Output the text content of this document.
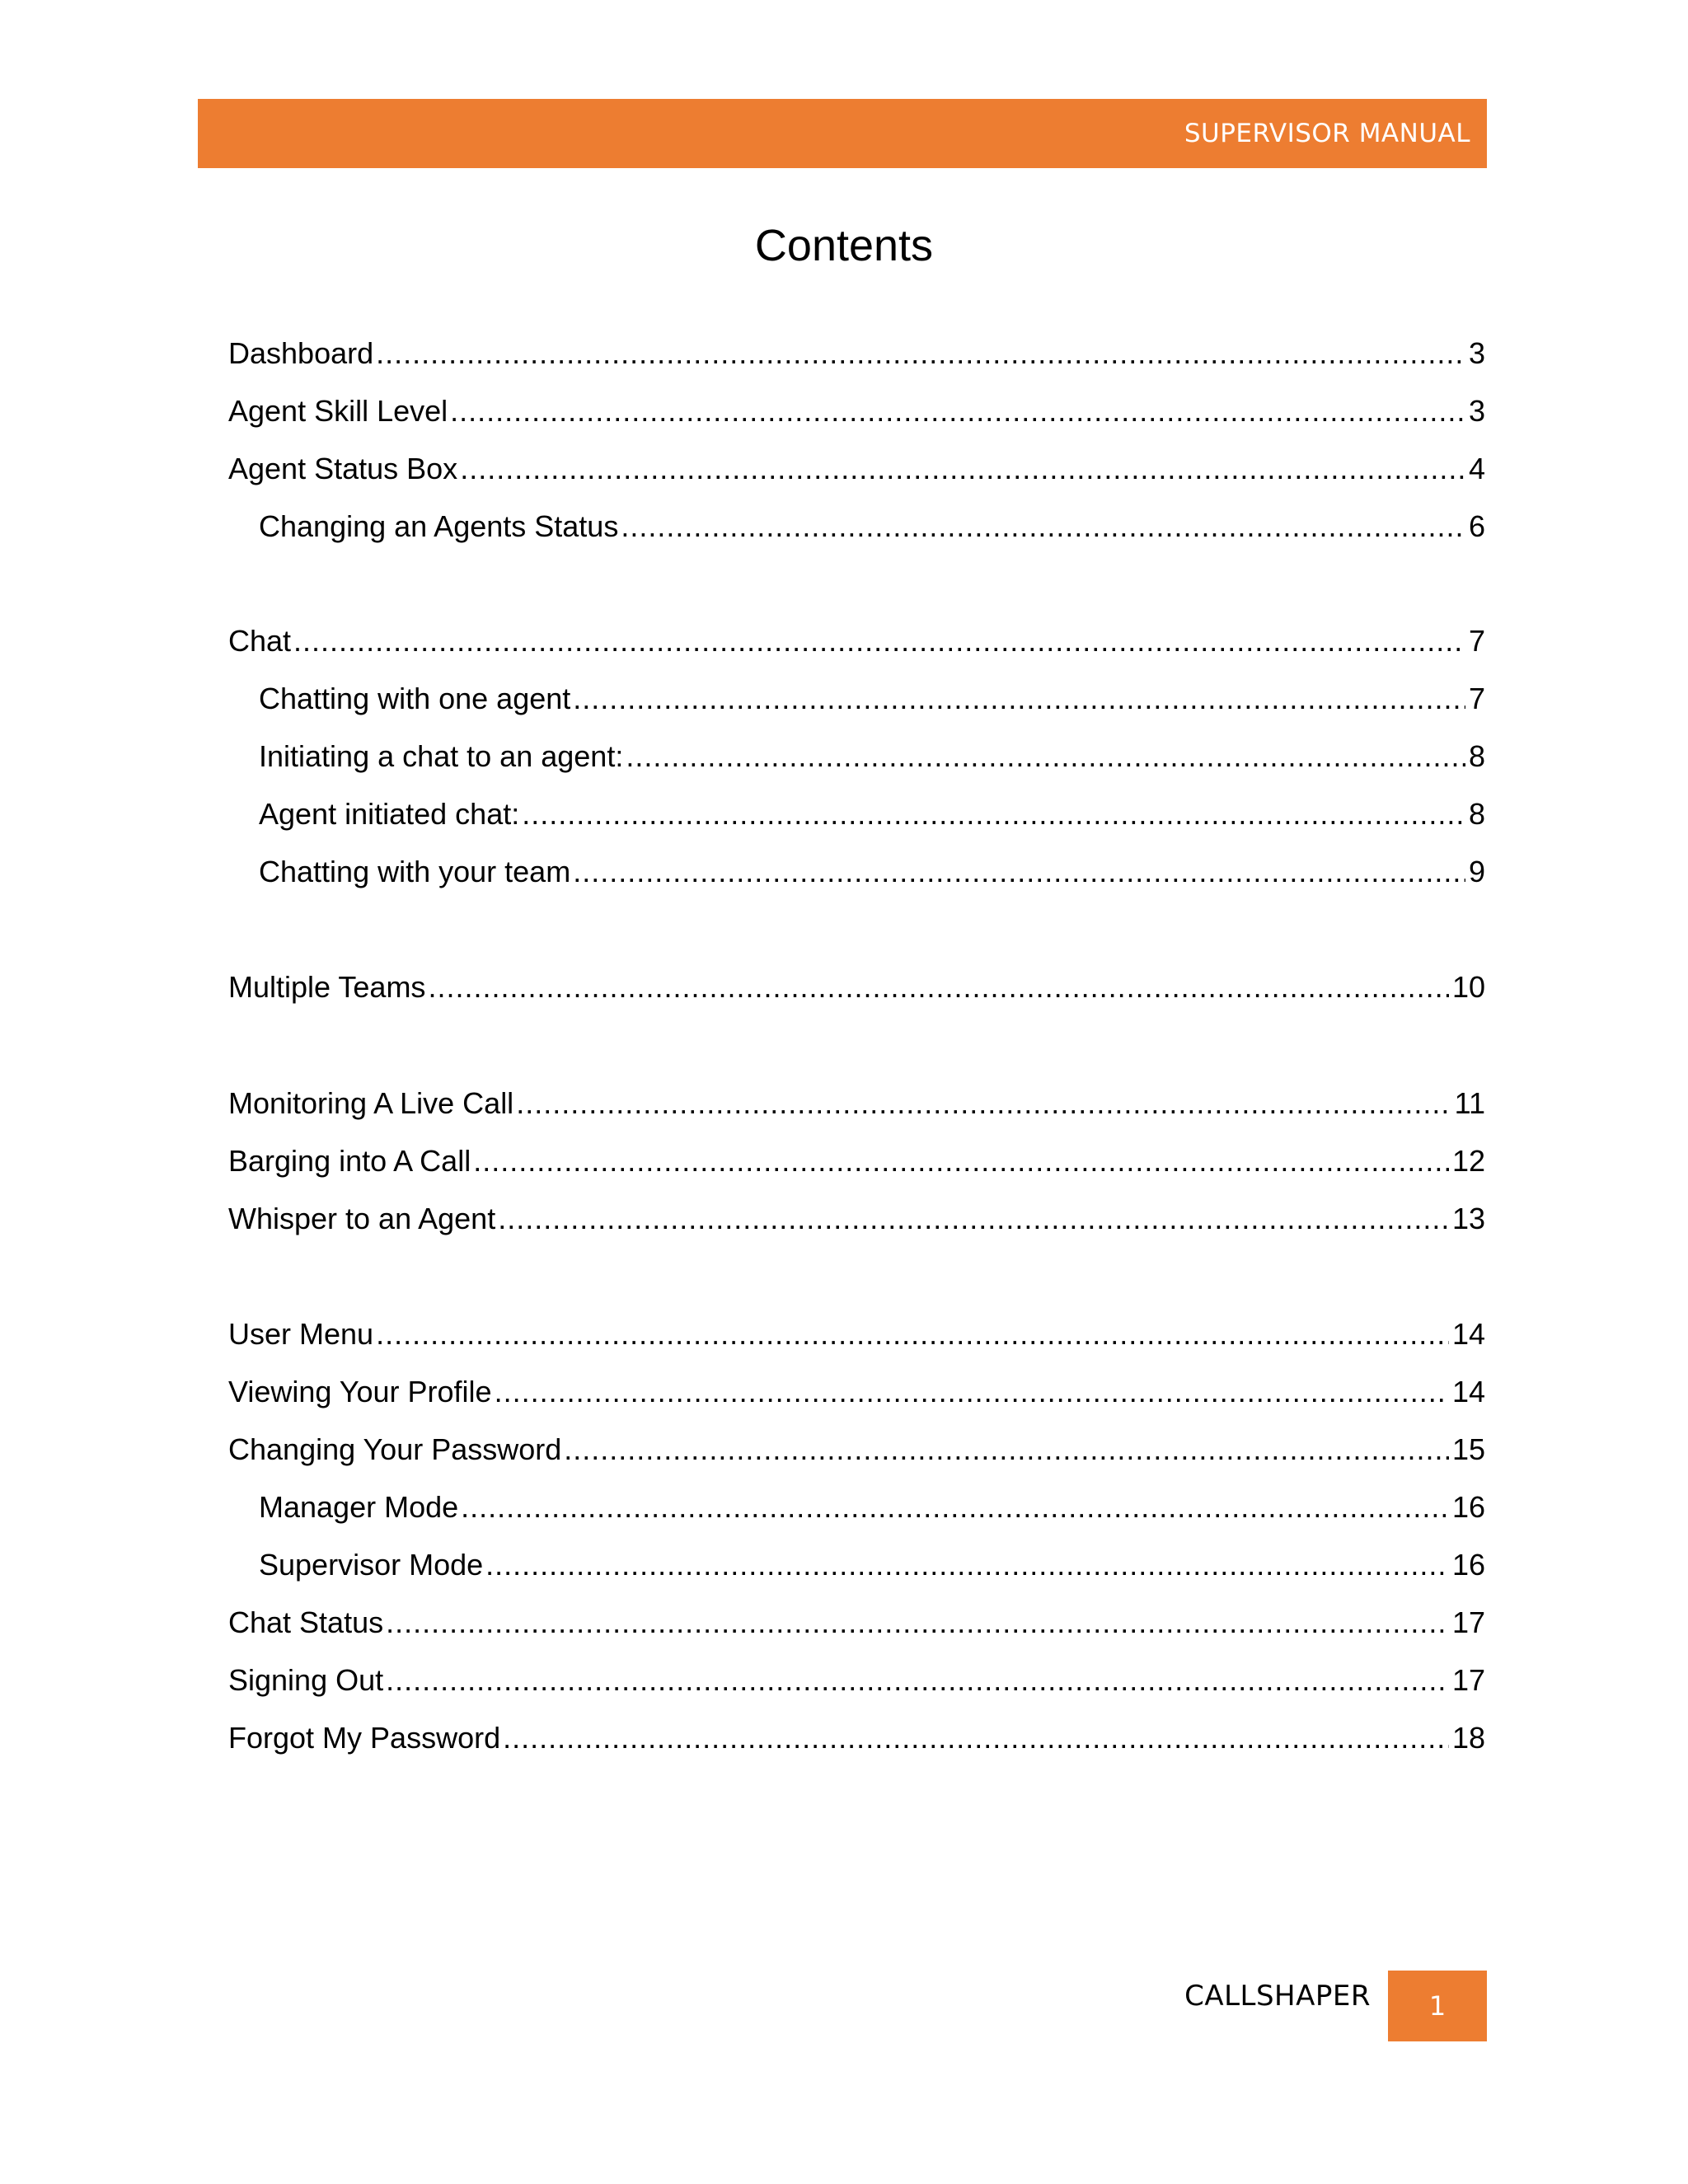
SUPERVISOR MANUAL
Contents
Dashboard .....	3
Agent Skill Level .....	3
Agent Status Box .....	4
Changing an Agents Status .....	6
Chat .....	7
Chatting with one agent .....	7
Initiating a chat to an agent: .....	8
Agent initiated chat: .....	8
Chatting with your team .....	9
Multiple Teams .....	10
Monitoring A Live Call .....	11
Barging into A Call .....	12
Whisper to an Agent .....	13
User Menu .....	14
Viewing Your Profile .....	14
Changing Your Password .....	15
Manager Mode .....	16
Supervisor Mode .....	16
Chat Status .....	17
Signing Out .....	17
Forgot My Password .....	18
CALLSHAPER 1
